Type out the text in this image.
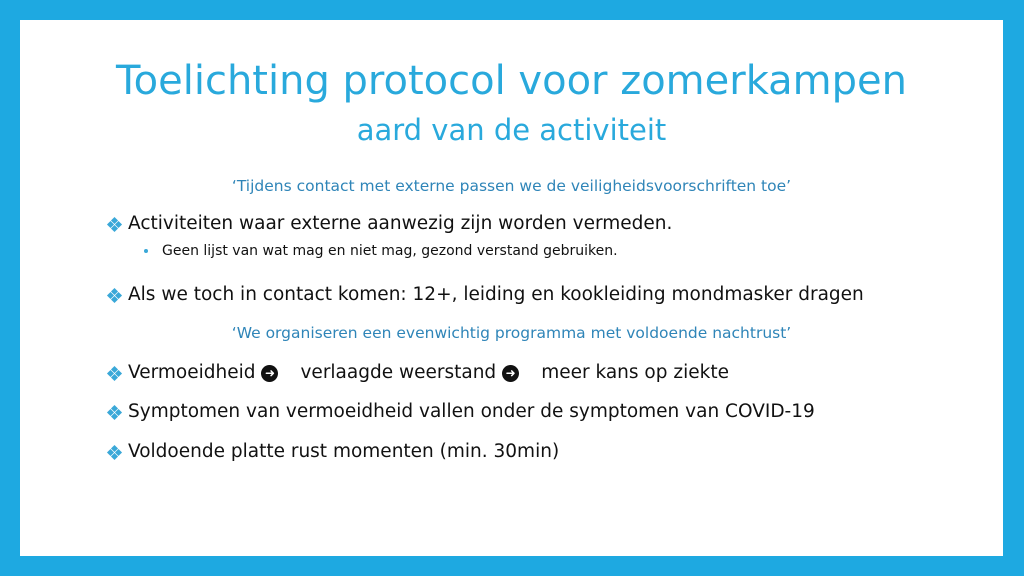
Toelichting protocol voor zomerkampen
aard van de activiteit
‘Tijdens contact met externe passen we de veiligheidsvoorschriften toe’
Activiteiten waar externe aanwezig zijn worden vermeden.
Geen lijst van wat mag en niet mag, gezond verstand gebruiken.
Als we toch in contact komen: 12+, leiding en kookleiding mondmasker dragen
‘We organiseren een evenwichtig programma met voldoende nachtrust’
Vermoeidheid ➜ verlaagde weerstand ➜ meer kans op ziekte
Symptomen van vermoeidheid vallen onder de symptomen van COVID-19
Voldoende platte rust momenten (min. 30min)
